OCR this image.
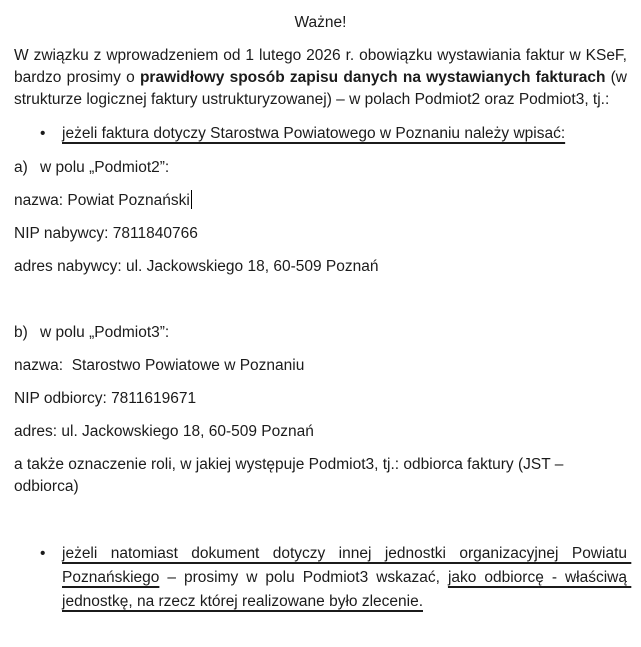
Ważne!

W związku z wprowadzeniem od 1 lutego 2026 r. obowiązku wystawiania faktur w KSeF, bardzo prosimy o prawidłowy sposób zapisu danych na wystawianych fakturach (w strukturze logicznej faktury ustrukturyzowanej) – w polach Podmiot2 oraz Podmiot3, tj.:

•	jeżeli faktura dotyczy Starostwa Powiatowego w Poznaniu należy wpisać:

a) w polu „Podmiot2”:

nazwa: Powiat Poznański

NIP nabywcy: 7811840766

adres nabywcy: ul. Jackowskiego 18, 60-509 Poznań

b) w polu „Podmiot3”:

nazwa:  Starostwo Powiatowe w Poznaniu

NIP odbiorcy: 7811619671

adres: ul. Jackowskiego 18, 60-509 Poznań

a także oznaczenie roli, w jakiej występuje Podmiot3, tj.: odbiorca faktury (JST – odbiorca)

•	jeżeli natomiast dokument dotyczy innej jednostki organizacyjnej Powiatu Poznańskiego – prosimy w polu Podmiot3 wskazać, jako odbiorcę - właściwą jednostkę, na rzecz której realizowane było zlecenie.
